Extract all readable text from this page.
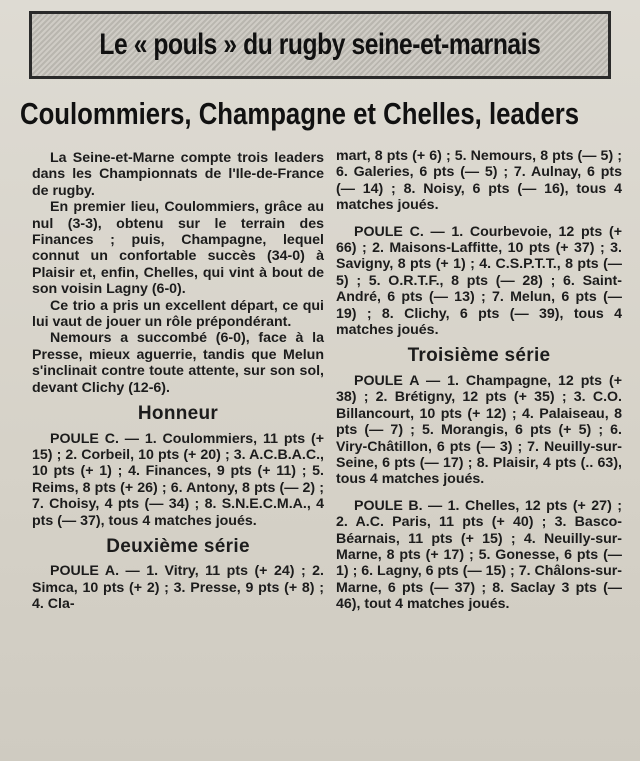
Le « pouls » du rugby seine-et-marnais
Coulommiers, Champagne et Chelles, leaders

La Seine-et-Marne compte trois leaders dans les Championnats de l'Ile-de-France de rugby.

En premier lieu, Coulommiers, grâce au nul (3-3), obtenu sur le terrain des Finances ; puis, Champagne, lequel connut un confortable succès (34-0) à Plaisir et, enfin, Chelles, qui vint à bout de son voisin Lagny (6-0).

Ce trio a pris un excellent départ, ce qui lui vaut de jouer un rôle prépondérant.

Nemours a succombé (6-0), face à la Presse, mieux aguerrie, tandis que Melun s'inclinait contre toute attente, sur son sol, devant Clichy (12-6).

Honneur

POULE C. — 1. Coulommiers, 11 pts (+ 15) ; 2. Corbeil, 10 pts (+ 20) ; 3. A.C.B.A.C., 10 pts (+ 1) ; 4. Finances, 9 pts (+ 11) ; 5. Reims, 8 pts (+ 26) ; 6. Antony, 8 pts (— 2) ; 7. Choisy, 4 pts (— 34) ; 8. S.N.E.C.M.A., 4 pts (— 37), tous 4 matches joués.

Deuxième série

POULE A. — 1. Vitry, 11 pts (+ 24) ; 2. Simca, 10 pts (+ 2) ; 3. Presse, 9 pts (+ 8) ; 4. Cla-

mart, 8 pts (+ 6) ; 5. Nemours, 8 pts (— 5) ; 6. Galeries, 6 pts (— 5) ; 7. Aulnay, 6 pts (— 14) ; 8. Noisy, 6 pts (— 16), tous 4 matches joués.

POULE C. — 1. Courbevoie, 12 pts (+ 66) ; 2. Maisons-Laffitte, 10 pts (+ 37) ; 3. Savigny, 8 pts (+ 1) ; 4. C.S.P.T.T., 8 pts (— 5) ; 5. O.R.T.F., 8 pts (— 28) ; 6. Saint-André, 6 pts (— 13) ; 7. Melun, 6 pts (— 19) ; 8. Clichy, 6 pts (— 39), tous 4 matches joués.

Troisième série

POULE A — 1. Champagne, 12 pts (+ 38) ; 2. Brétigny, 12 pts (+ 35) ; 3. C.O. Billancourt, 10 pts (+ 12) ; 4. Palaiseau, 8 pts (— 7) ; 5. Morangis, 6 pts (+ 5) ; 6. Viry-Châtillon, 6 pts (— 3) ; 7. Neuilly-sur-Seine, 6 pts (— 17) ; 8. Plaisir, 4 pts (.. 63), tous 4 matches joués.

POULE B. — 1. Chelles, 12 pts (+ 27) ; 2. A.C. Paris, 11 pts (+ 40) ; 3. Basco-Béarnais, 11 pts (+ 15) ; 4. Neuilly-sur-Marne, 8 pts (+ 17) ; 5. Gonesse, 6 pts (— 1) ; 6. Lagny, 6 pts (— 15) ; 7. Châlons-sur-Marne, 6 pts (— 37) ; 8. Saclay 3 pts (— 46), tout 4 matches joués.
